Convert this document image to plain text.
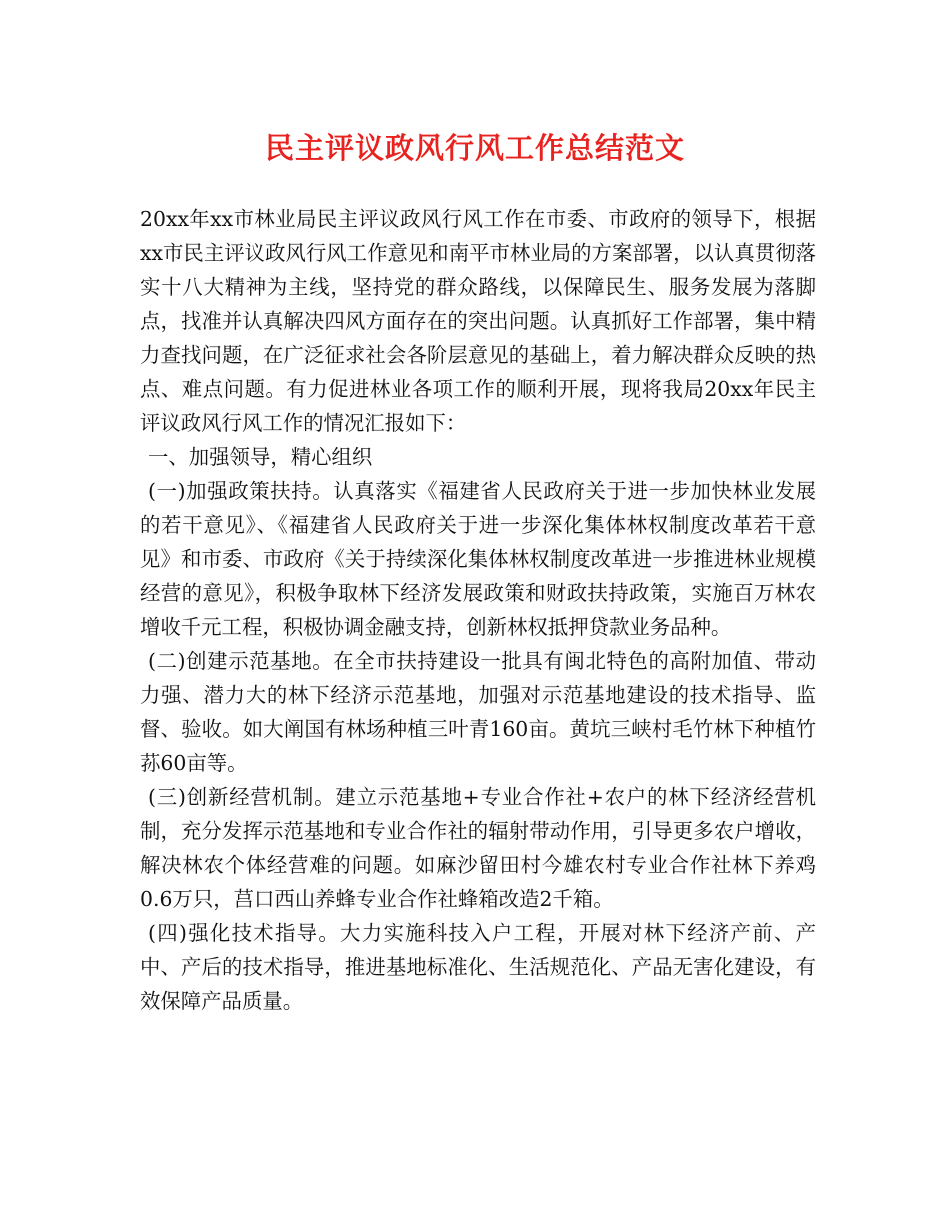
民主评议政风行风工作总结范文

20xx年xx市林业局民主评议政风行风工作在市委、市政府的领导下，根据xx市民主评议政风行风工作意见和南平市林业局的方案部署，以认真贯彻落实十八大精神为主线，坚持党的群众路线，以保障民生、服务发展为落脚点，找准并认真解决四风方面存在的突出问题。认真抓好工作部署，集中精力查找问题，在广泛征求社会各阶层意见的基础上，着力解决群众反映的热点、难点问题。有力促进林业各项工作的顺利开展，现将我局20xx年民主评议政风行风工作的情况汇报如下：

一、加强领导，精心组织

(一)加强政策扶持。认真落实《福建省人民政府关于进一步加快林业发展的若干意见》、《福建省人民政府关于进一步深化集体林权制度改革若干意见》和市委、市政府《关于持续深化集体林权制度改革进一步推进林业规模经营的意见》，积极争取林下经济发展政策和财政扶持政策，实施百万林农增收千元工程，积极协调金融支持，创新林权抵押贷款业务品种。

(二)创建示范基地。在全市扶持建设一批具有闽北特色的高附加值、带动力强、潜力大的林下经济示范基地，加强对示范基地建设的技术指导、监督、验收。如大阐国有林场种植三叶青160亩。黄坑三峡村毛竹林下种植竹荪60亩等。

(三)创新经营机制。建立示范基地+专业合作社+农户的林下经济经营机制，充分发挥示范基地和专业合作社的辐射带动作用，引导更多农户增收，解决林农个体经营难的问题。如麻沙留田村今雄农村专业合作社林下养鸡0.6万只，莒口西山养蜂专业合作社蜂箱改造2千箱。

(四)强化技术指导。大力实施科技入户工程，开展对林下经济产前、产中、产后的技术指导，推进基地标准化、生活规范化、产品无害化建设，有效保障产品质量。
